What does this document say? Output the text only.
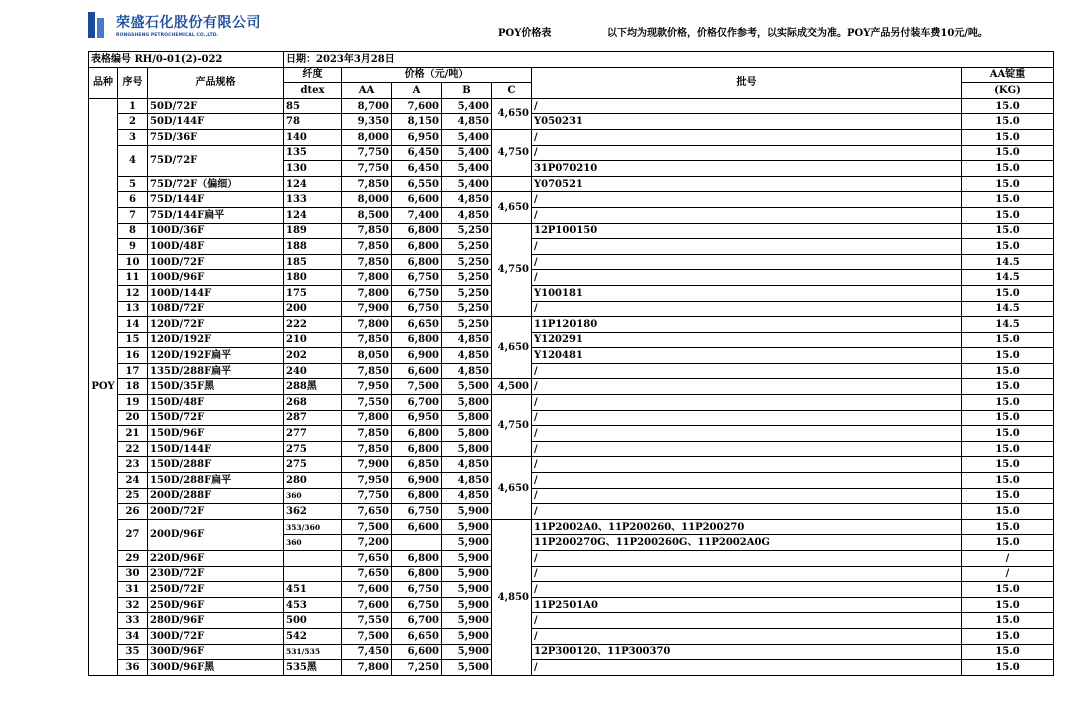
荣盛石化股份有限公司
RONGSHENG PETROCHEMICAL CO.,LTD.	POY价格表	以下均为现款价格，价格仅作参考，以实际成交为准。POY产品另付装车费10元/吨。
表格编号 RH/0-01(2)-022			日期：2023年3月28日						
品种	序号	产品规格	纤度	价格（元/吨）				批号	AA锭重
			dtex	AA	A	B	C		(KG)
POY	1	50D/72F	85	8,700	7,600	5,400	4,650	/	15.0
	2	50D/144F	78	9,350	8,150	4,850		Y050231	15.0
	3	75D/36F	140	8,000	6,950	5,400	4,750	/	15.0
	4	75D/72F	135	7,750	6,450	5,400		/	15.0
			130	7,750	6,450	5,400		31P070210	15.0
	5	75D/72F（偏细）	124	7,850	6,550	5,400		Y070521	15.0
	6	75D/144F	133	8,000	6,600	4,850	4,650	/	15.0
	7	75D/144F扁平	124	8,500	7,400	4,850		/	15.0
	8	100D/36F	189	7,850	6,800	5,250	4,750	12P100150	15.0
	9	100D/48F	188	7,850	6,800	5,250		/	15.0
	10	100D/72F	185	7,850	6,800	5,250		/	14.5
	11	100D/96F	180	7,800	6,750	5,250		/	14.5
	12	100D/144F	175	7,800	6,750	5,250		Y100181	15.0
	13	108D/72F	200	7,900	6,750	5,250		/	14.5
	14	120D/72F	222	7,800	6,650	5,250	4,650	11P120180	14.5
	15	120D/192F	210	7,850	6,800	4,850		Y120291	15.0
	16	120D/192F扁平	202	8,050	6,900	4,850		Y120481	15.0
	17	135D/288F扁平	240	7,850	6,600	4,850		/	15.0
	18	150D/35F黑	288黑	7,950	7,500	5,500	4,500	/	15.0
	19	150D/48F	268	7,550	6,700	5,800	4,750	/	15.0
	20	150D/72F	287	7,800	6,950	5,800		/	15.0
	21	150D/96F	277	7,850	6,800	5,800		/	15.0
	22	150D/144F	275	7,850	6,800	5,800		/	15.0
	23	150D/288F	275	7,900	6,850	4,850	4,650	/	15.0
	24	150D/288F扁平	280	7,950	6,900	4,850		/	15.0
	25	200D/288F	360	7,750	6,800	4,850		/	15.0
	26	200D/72F	362	7,650	6,750	5,900		/	15.0
	27	200D/96F	353/360	7,500	6,600	5,900	4,850	11P2002A0、11P200260、11P200270	15.0
			360	7,200		5,900		11P200270G、11P200260G、11P2002A0G	15.0
	29	220D/96F		7,650	6,800	5,900		/	/
	30	230D/72F		7,650	6,800	5,900		/	/
	31	250D/72F	451	7,600	6,750	5,900		/	15.0
	32	250D/96F	453	7,600	6,750	5,900		11P2501A0	15.0
	33	280D/96F	500	7,550	6,700	5,900		/	15.0
	34	300D/72F	542	7,500	6,650	5,900		/	15.0
	35	300D/96F	531/535	7,450	6,600	5,900		12P300120、11P300370	15.0
	36	300D/96F黑	535黑	7,800	7,250	5,500		/	15.0
